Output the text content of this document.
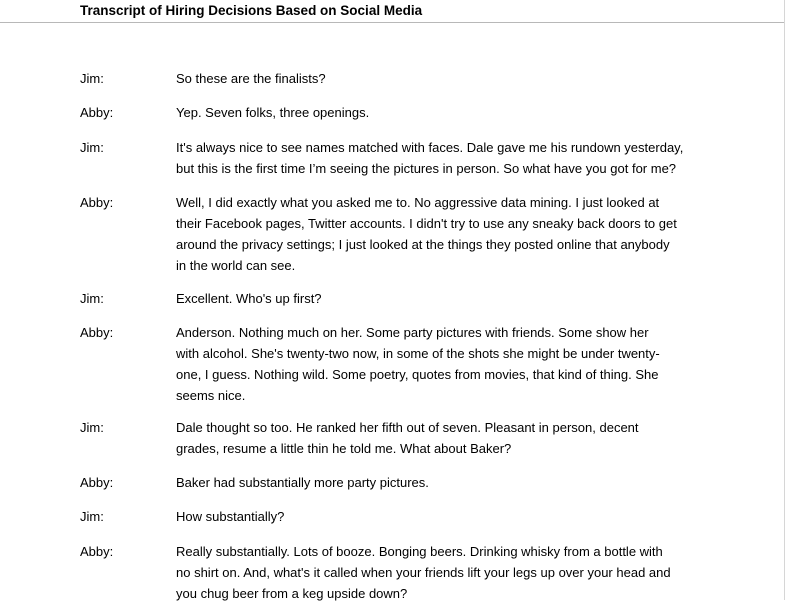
Transcript of Hiring Decisions Based on Social Media
Jim:	So these are the finalists?
Abby:	Yep. Seven folks, three openings.
Jim:	It's always nice to see names matched with faces. Dale gave me his rundown yesterday,
but this is the first time I’m seeing the pictures in person. So what have you got for me?
Abby:	Well, I did exactly what you asked me to. No aggressive data mining. I just looked at
their Facebook pages, Twitter accounts. I didn't try to use any sneaky back doors to get
around the privacy settings; I just looked at the things they posted online that anybody
in the world can see.
Jim:	Excellent. Who's up first?
Abby:	Anderson. Nothing much on her. Some party pictures with friends. Some show her
with alcohol. She's twenty-two now, in some of the shots she might be under twenty-
one, I guess. Nothing wild. Some poetry, quotes from movies, that kind of thing. She
seems nice.
Jim:	Dale thought so too. He ranked her fifth out of seven. Pleasant in person, decent
grades, resume a little thin he told me. What about Baker?
Abby:	Baker had substantially more party pictures.
Jim:	How substantially?
Abby:	Really substantially. Lots of booze. Bonging beers. Drinking whisky from a bottle with
no shirt on. And, what's it called when your friends lift your legs up over your head and
you chug beer from a keg upside down?
